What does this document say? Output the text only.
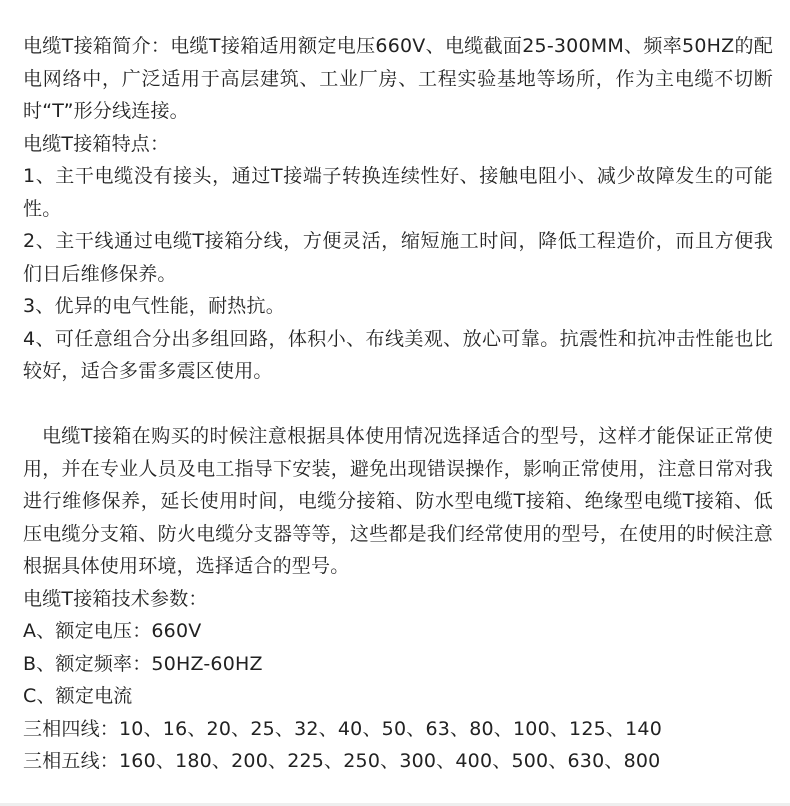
电缆T接箱简介：电缆T接箱适用额定电压660V、电缆截面25-300MM、频率50HZ的配电网络中，广泛适用于高层建筑、工业厂房、工程实验基地等场所，作为主电缆不切断时“T”形分线连接。

电缆T接箱特点：

1、主干电缆没有接头，通过T接端子转换连续性好、接触电阻小、减少故障发生的可能性。

2、主干线通过电缆T接箱分线，方便灵活，缩短施工时间，降低工程造价，而且方便我们日后维修保养。

3、优异的电气性能，耐热抗。

4、可任意组合分出多组回路，体积小、布线美观、放心可靠。抗震性和抗冲击性能也比较好，适合多雷多震区使用。

电缆T接箱在购买的时候注意根据具体使用情况选择适合的型号，这样才能保证正常使用，并在专业人员及电工指导下安装，避免出现错误操作，影响正常使用，注意日常对我进行维修保养，延长使用时间，电缆分接箱、防水型电缆T接箱、绝缘型电缆T接箱、低压电缆分支箱、防火电缆分支器等等，这些都是我们经常使用的型号，在使用的时候注意根据具体使用环境，选择适合的型号。

电缆T接箱技术参数：

A、额定电压：660V

B、额定频率：50HZ-60HZ

C、额定电流

三相四线：10、16、20、25、32、40、50、63、80、100、125、140

三相五线：160、180、200、225、250、300、400、500、630、800
